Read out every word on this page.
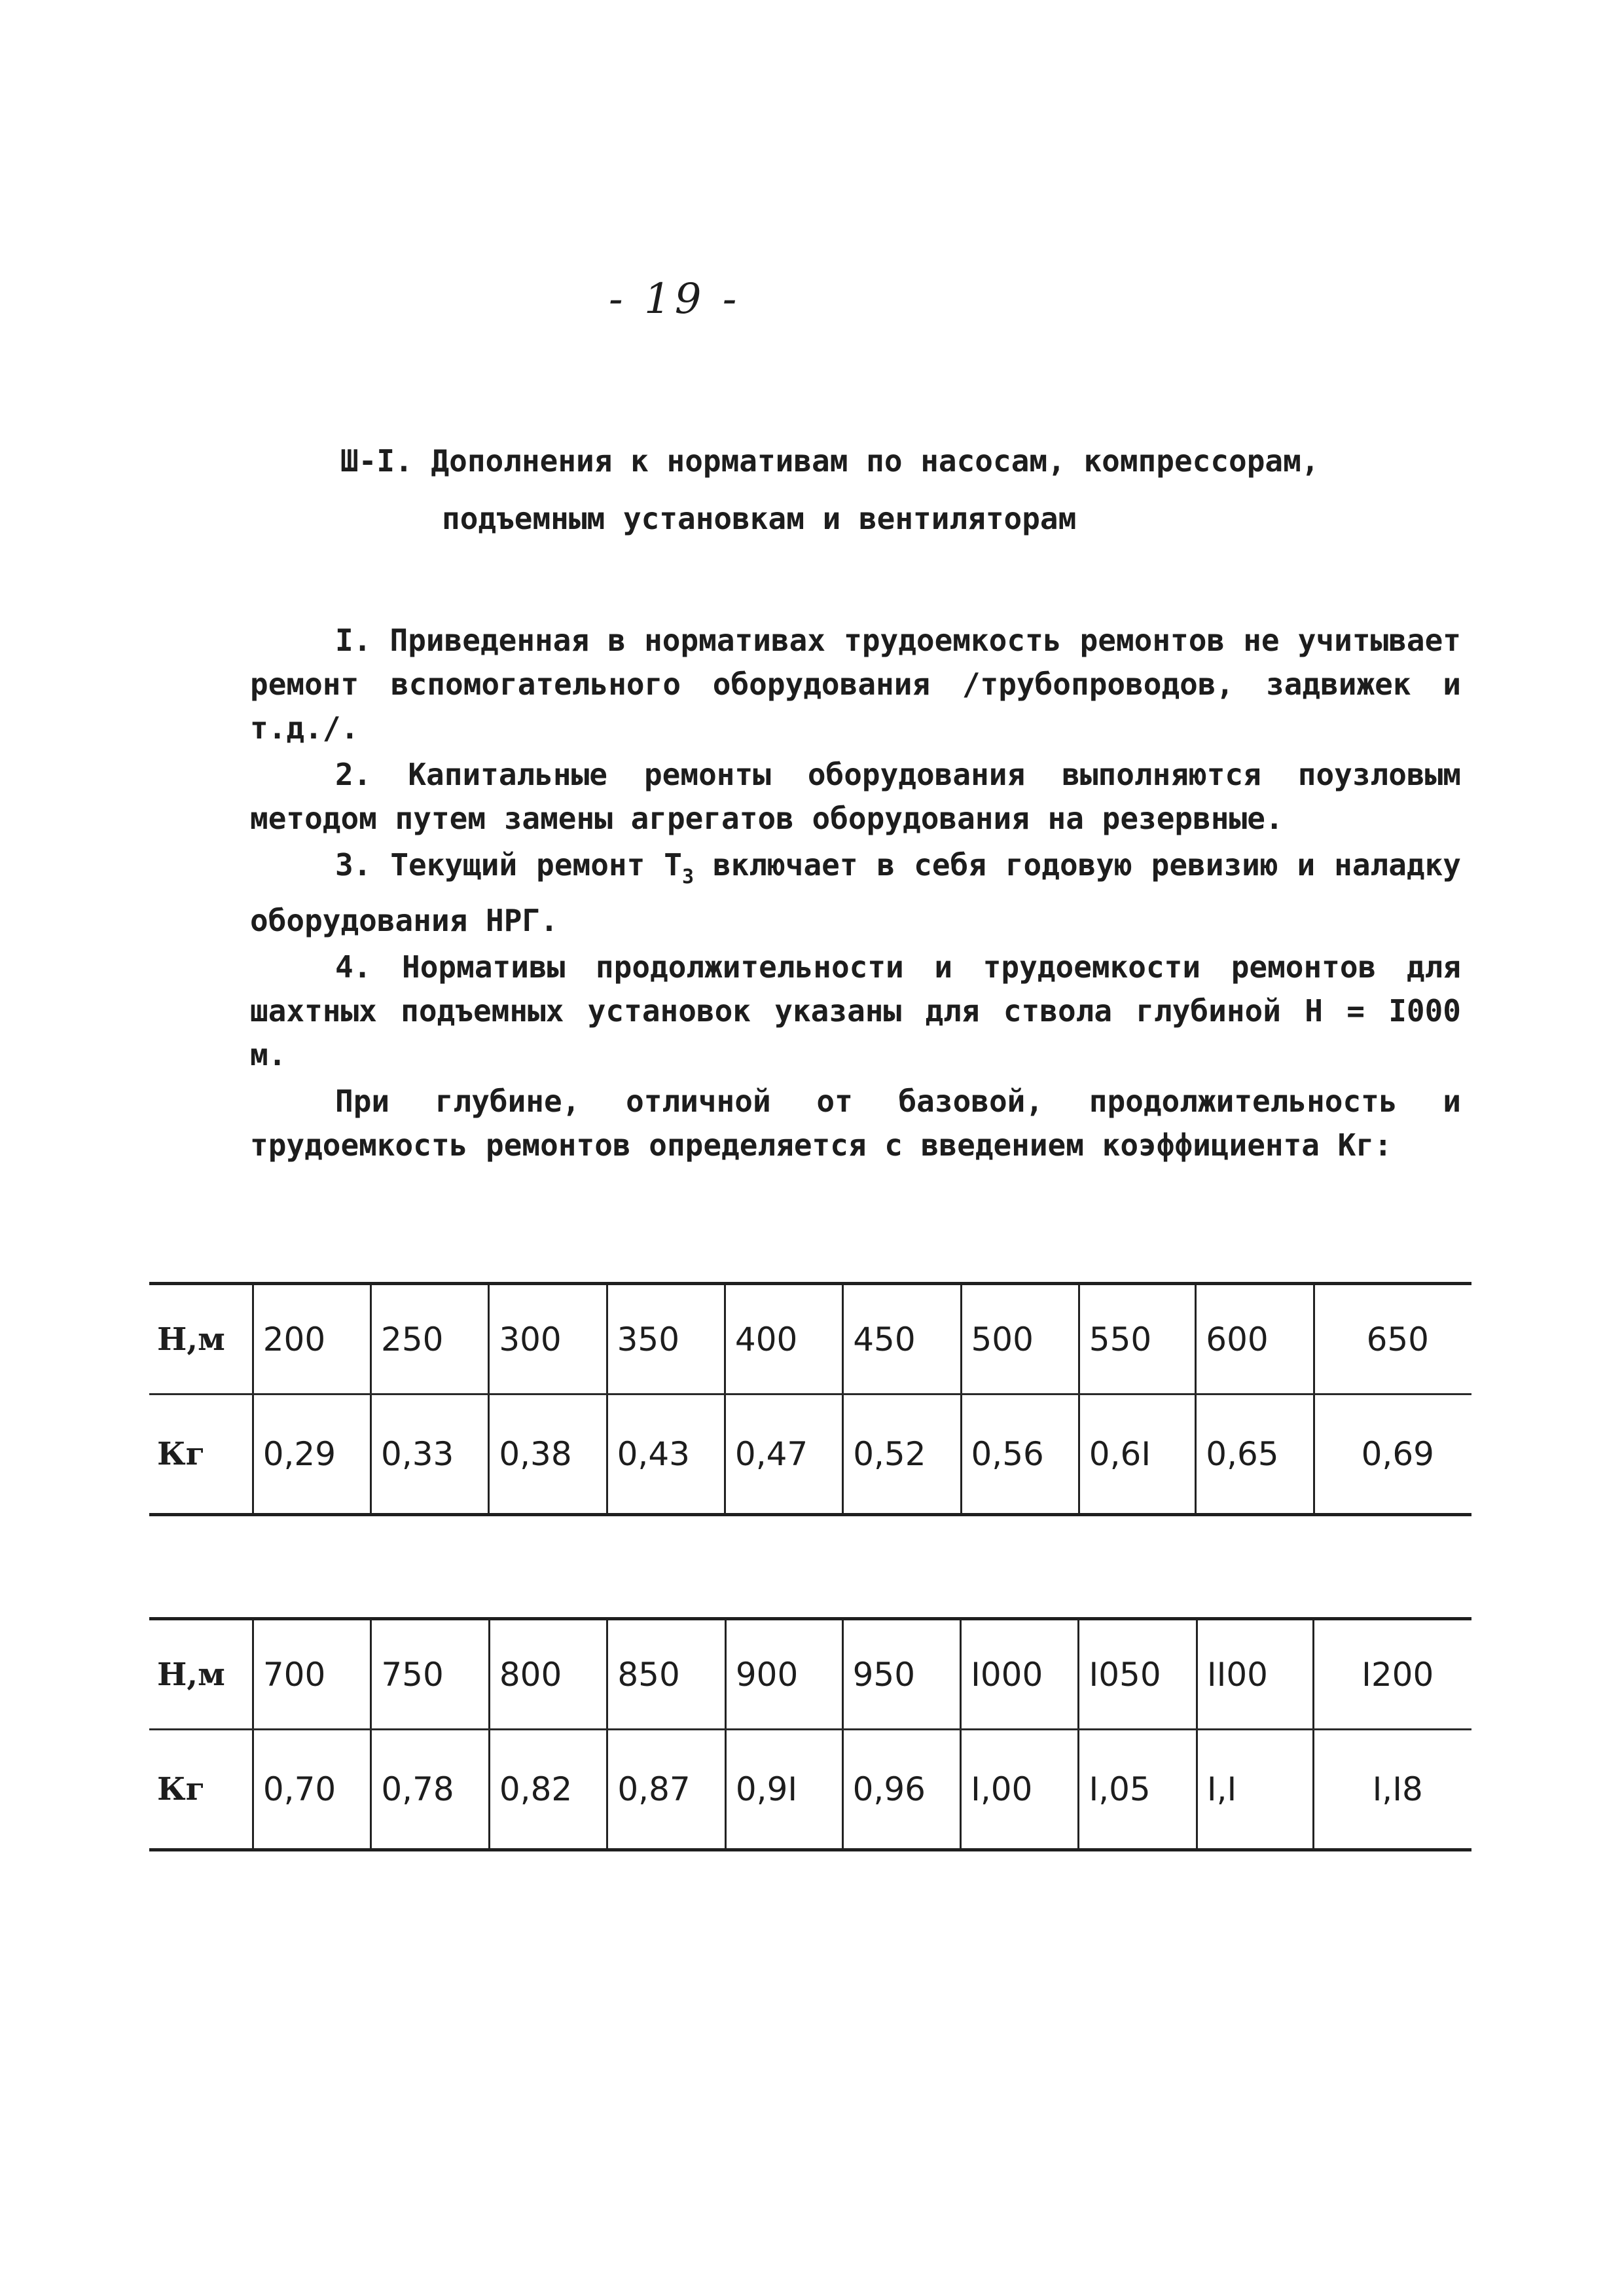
- 19 -
Ш-I. Дополнения к нормативам по насосам, компрессорам,
подъемным установкам и вентиляторам

I. Приведенная в нормативах трудоемкость ремонтов не учитывает ремонт вспомогательного оборудования /трубопроводов, задвижек и т.д./.

2. Капитальные ремонты оборудования выполняются поузловым методом путем замены агрегатов оборудования на резервные.

3. Текущий ремонт $Т_3$ включает в себя годовую ревизию и наладку оборудования НРГ.

4. Нормативы продолжительности и трудоемкости ремонтов для шахтных подъемных установок указаны для ствола глубиной Н = I000 м.

При глубине, отличной от базовой, продолжительность и трудоемкость ремонтов определяется с введением коэффициента Кг:

Н,м	200	250	300	350	400	450	500	550	600	650
Кг	0,29	0,33	0,38	0,43	0,47	0,52	0,56	0,6I	0,65	0,69
Н,м	700	750	800	850	900	950	I000	I050	II00	I200
Кг	0,70	0,78	0,82	0,87	0,9I	0,96	I,00	I,05	I,I	I,I8
